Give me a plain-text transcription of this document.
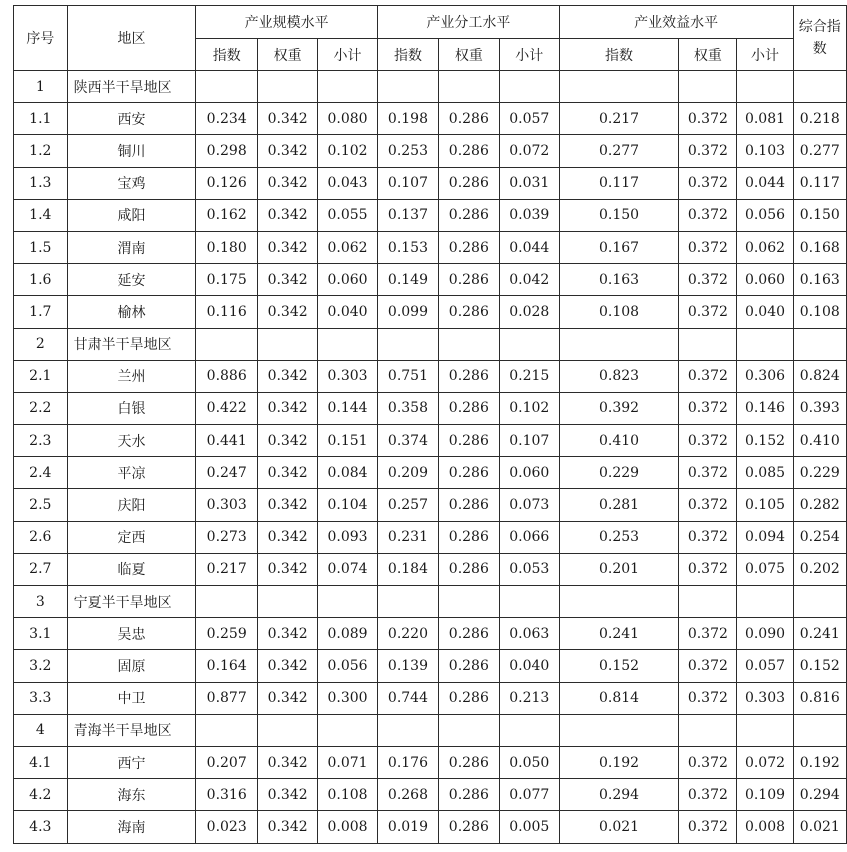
序号	地区	产业规模水平			产业分工水平			产业效益水平			综合指数
		指数	权重	小计	指数	权重	小计	指数	权重	小计	
1	陕西半干旱地区										
1.1	西安	0.234	0.342	0.080	0.198	0.286	0.057	0.217	0.372	0.081	0.218
1.2	铜川	0.298	0.342	0.102	0.253	0.286	0.072	0.277	0.372	0.103	0.277
1.3	宝鸡	0.126	0.342	0.043	0.107	0.286	0.031	0.117	0.372	0.044	0.117
1.4	咸阳	0.162	0.342	0.055	0.137	0.286	0.039	0.150	0.372	0.056	0.150
1.5	渭南	0.180	0.342	0.062	0.153	0.286	0.044	0.167	0.372	0.062	0.168
1.6	延安	0.175	0.342	0.060	0.149	0.286	0.042	0.163	0.372	0.060	0.163
1.7	榆林	0.116	0.342	0.040	0.099	0.286	0.028	0.108	0.372	0.040	0.108
2	甘肃半干旱地区										
2.1	兰州	0.886	0.342	0.303	0.751	0.286	0.215	0.823	0.372	0.306	0.824
2.2	白银	0.422	0.342	0.144	0.358	0.286	0.102	0.392	0.372	0.146	0.393
2.3	天水	0.441	0.342	0.151	0.374	0.286	0.107	0.410	0.372	0.152	0.410
2.4	平凉	0.247	0.342	0.084	0.209	0.286	0.060	0.229	0.372	0.085	0.229
2.5	庆阳	0.303	0.342	0.104	0.257	0.286	0.073	0.281	0.372	0.105	0.282
2.6	定西	0.273	0.342	0.093	0.231	0.286	0.066	0.253	0.372	0.094	0.254
2.7	临夏	0.217	0.342	0.074	0.184	0.286	0.053	0.201	0.372	0.075	0.202
3	宁夏半干旱地区										
3.1	吴忠	0.259	0.342	0.089	0.220	0.286	0.063	0.241	0.372	0.090	0.241
3.2	固原	0.164	0.342	0.056	0.139	0.286	0.040	0.152	0.372	0.057	0.152
3.3	中卫	0.877	0.342	0.300	0.744	0.286	0.213	0.814	0.372	0.303	0.816
4	青海半干旱地区										
4.1	西宁	0.207	0.342	0.071	0.176	0.286	0.050	0.192	0.372	0.072	0.192
4.2	海东	0.316	0.342	0.108	0.268	0.286	0.077	0.294	0.372	0.109	0.294
4.3	海南	0.023	0.342	0.008	0.019	0.286	0.005	0.021	0.372	0.008	0.021
